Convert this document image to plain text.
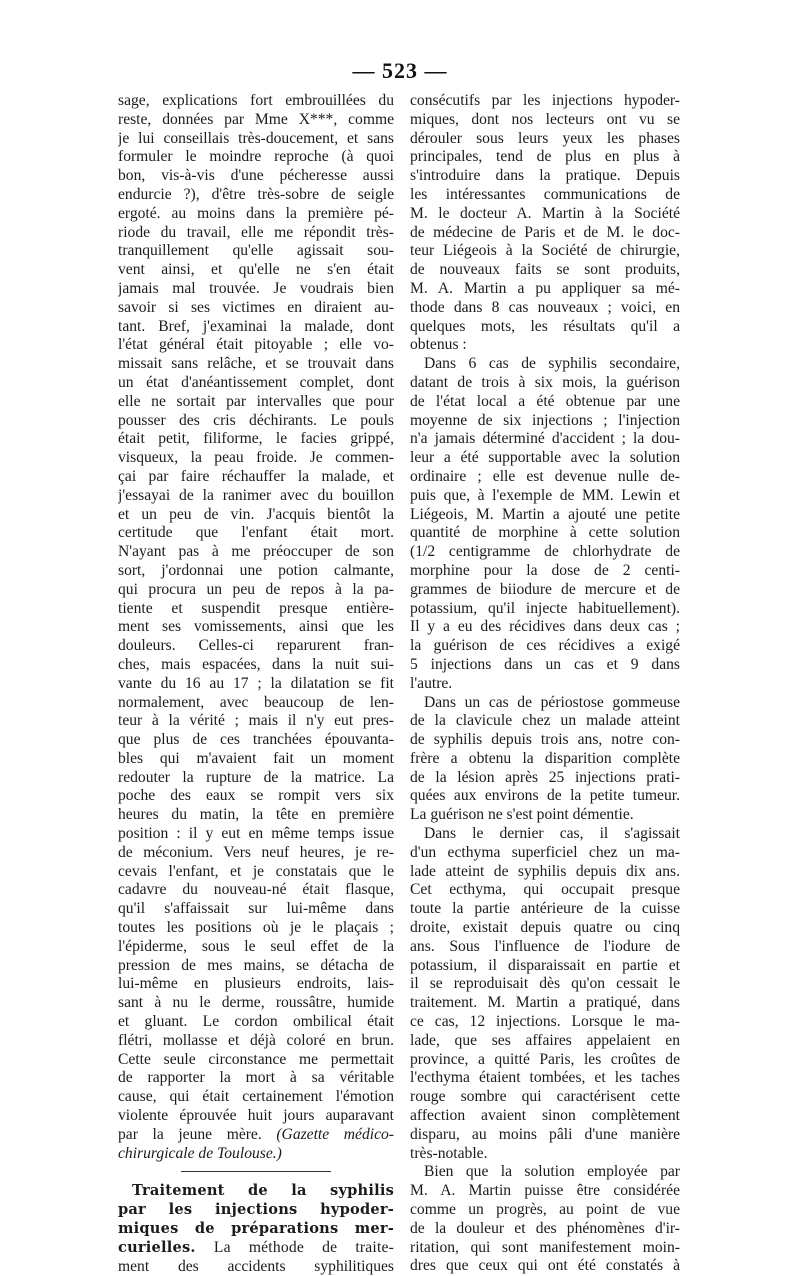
— 523 —
sage, explications fort embrouillées du
reste, données par Mme X***, comme
je lui conseillais très-doucement, et sans
formuler le moindre reproche (à quoi
bon, vis-à-vis d'une pécheresse aussi
endurcie ?), d'être très-sobre de seigle
ergoté. au moins dans la première pé-
riode du travail, elle me répondit très-
tranquillement qu'elle agissait sou-
vent ainsi, et qu'elle ne s'en était
jamais mal trouvée. Je voudrais bien
savoir si ses victimes en diraient au-
tant. Bref, j'examinai la malade, dont
l'état général était pitoyable ; elle vo-
missait sans relâche, et se trouvait dans
un état d'anéantissement complet, dont
elle ne sortait par intervalles que pour
pousser des cris déchirants. Le pouls
était petit, filiforme, le facies grippé,
visqueux, la peau froide. Je commen-
çai par faire réchauffer la malade, et
j'essayai de la ranimer avec du bouillon
et un peu de vin. J'acquis bientôt la
certitude que l'enfant était mort.
N'ayant pas à me préoccuper de son
sort, j'ordonnai une potion calmante,
qui procura un peu de repos à la pa-
tiente et suspendit presque entière-
ment ses vomissements, ainsi que les
douleurs. Celles-ci reparurent fran-
ches, mais espacées, dans la nuit sui-
vante du 16 au 17 ; la dilatation se fit
normalement, avec beaucoup de len-
teur à la vérité ; mais il n'y eut pres-
que plus de ces tranchées épouvanta-
bles qui m'avaient fait un moment
redouter la rupture de la matrice. La
poche des eaux se rompit vers six
heures du matin, la tête en première
position : il y eut en même temps issue
de méconium. Vers neuf heures, je re-
cevais l'enfant, et je constatais que le
cadavre du nouveau-né était flasque,
qu'il s'affaissait sur lui-même dans
toutes les positions où je le plaçais ;
l'épiderme, sous le seul effet de la
pression de mes mains, se détacha de
lui-même en plusieurs endroits, lais-
sant à nu le derme, roussâtre, humide
et gluant. Le cordon ombilical était
flétri, mollasse et déjà coloré en brun.
Cette seule circonstance me permettait
de rapporter la mort à sa véritable
cause, qui était certainement l'émotion
violente éprouvée huit jours auparavant
par la jeune mère. (Gazette médico-
chirurgicale de Toulouse.)
Traitement de la syphilis
par les injections hypoder-
miques de préparations mer-
curielles. La méthode de traite-
ment des accidents syphilitiques
consécutifs par les injections hypoder-
miques, dont nos lecteurs ont vu se
dérouler sous leurs yeux les phases
principales, tend de plus en plus à
s'introduire dans la pratique. Depuis
les intéressantes communications de
M. le docteur A. Martin à la Société
de médecine de Paris et de M. le doc-
teur Liégeois à la Société de chirurgie,
de nouveaux faits se sont produits,
M. A. Martin a pu appliquer sa mé-
thode dans 8 cas nouveaux ; voici, en
quelques mots, les résultats qu'il a
obtenus :
Dans 6 cas de syphilis secondaire,
datant de trois à six mois, la guérison
de l'état local a été obtenue par une
moyenne de six injections ; l'injection
n'a jamais déterminé d'accident ; la dou-
leur a été supportable avec la solution
ordinaire ; elle est devenue nulle de-
puis que, à l'exemple de MM. Lewin et
Liégeois, M. Martin a ajouté une petite
quantité de morphine à cette solution
(1/2 centigramme de chlorhydrate de
morphine pour la dose de 2 centi-
grammes de biiodure de mercure et de
potassium, qu'il injecte habituellement).
Il y a eu des récidives dans deux cas ;
la guérison de ces récidives a exigé
5 injections dans un cas et 9 dans
l'autre.
Dans un cas de périostose gommeuse
de la clavicule chez un malade atteint
de syphilis depuis trois ans, notre con-
frère a obtenu la disparition complète
de la lésion après 25 injections prati-
quées aux environs de la petite tumeur.
La guérison ne s'est point démentie.
Dans le dernier cas, il s'agissait
d'un ecthyma superficiel chez un ma-
lade atteint de syphilis depuis dix ans.
Cet ecthyma, qui occupait presque
toute la partie antérieure de la cuisse
droite, existait depuis quatre ou cinq
ans. Sous l'influence de l'iodure de
potassium, il disparaissait en partie et
il se reproduisait dès qu'on cessait le
traitement. M. Martin a pratiqué, dans
ce cas, 12 injections. Lorsque le ma-
lade, que ses affaires appelaient en
province, a quitté Paris, les croûtes de
l'ecthyma étaient tombées, et les taches
rouge sombre qui caractérisent cette
affection avaient sinon complètement
disparu, au moins pâli d'une manière
très-notable.
Bien que la solution employée par
M. A. Martin puisse être considérée
comme un progrès, au point de vue
de la douleur et des phénomènes d'ir-
ritation, qui sont manifestement moin-
dres que ceux qui ont été constatés à
